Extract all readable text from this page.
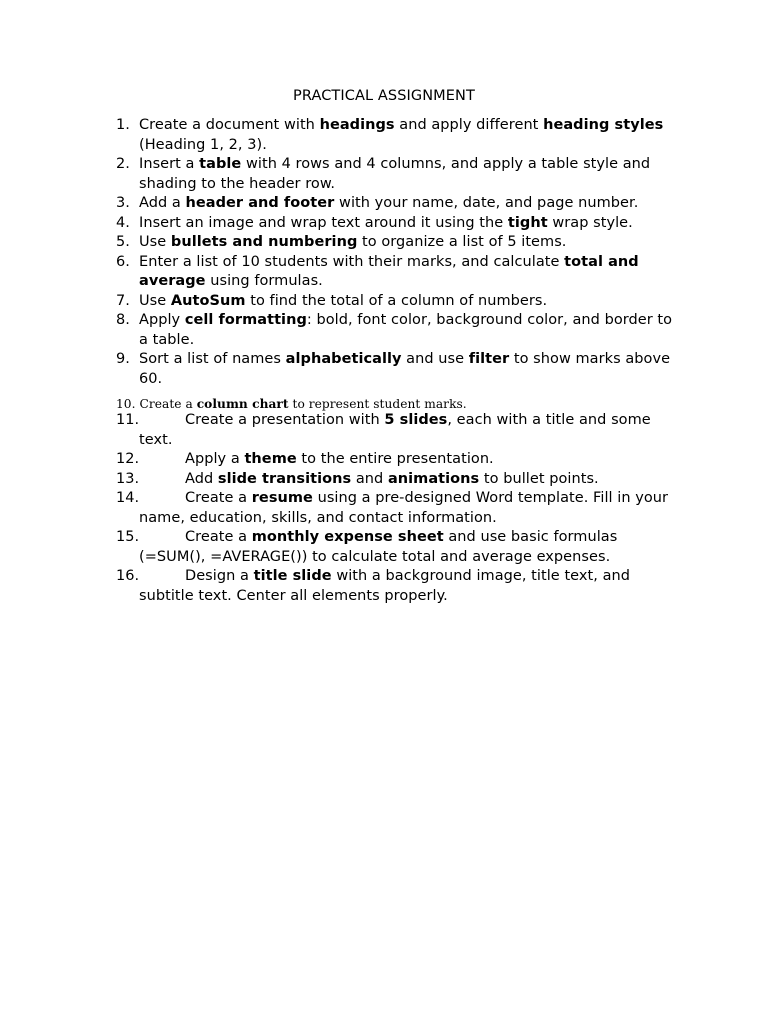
PRACTICAL ASSIGNMENT
1. Create a document with headings and apply different heading styles (Heading 1, 2, 3).
2. Insert a table with 4 rows and 4 columns, and apply a table style and shading to the header row.
3. Add a header and footer with your name, date, and page number.
4. Insert an image and wrap text around it using the tight wrap style.
5. Use bullets and numbering to organize a list of 5 items.
6. Enter a list of 10 students with their marks, and calculate total and average using formulas.
7. Use AutoSum to find the total of a column of numbers.
8. Apply cell formatting: bold, font color, background color, and border to a table.
9. Sort a list of names alphabetically and use filter to show marks above 60.
10. Create a column chart to represent student marks.
11.	Create a presentation with 5 slides, each with a title and some text.
12.	Apply a theme to the entire presentation.
13.	Add slide transitions and animations to bullet points.
14.	Create a resume using a pre-designed Word template. Fill in your name, education, skills, and contact information.
15.	Create a monthly expense sheet and use basic formulas (=SUM(), =AVERAGE()) to calculate total and average expenses.
16.	Design a title slide with a background image, title text, and subtitle text. Center all elements properly.
